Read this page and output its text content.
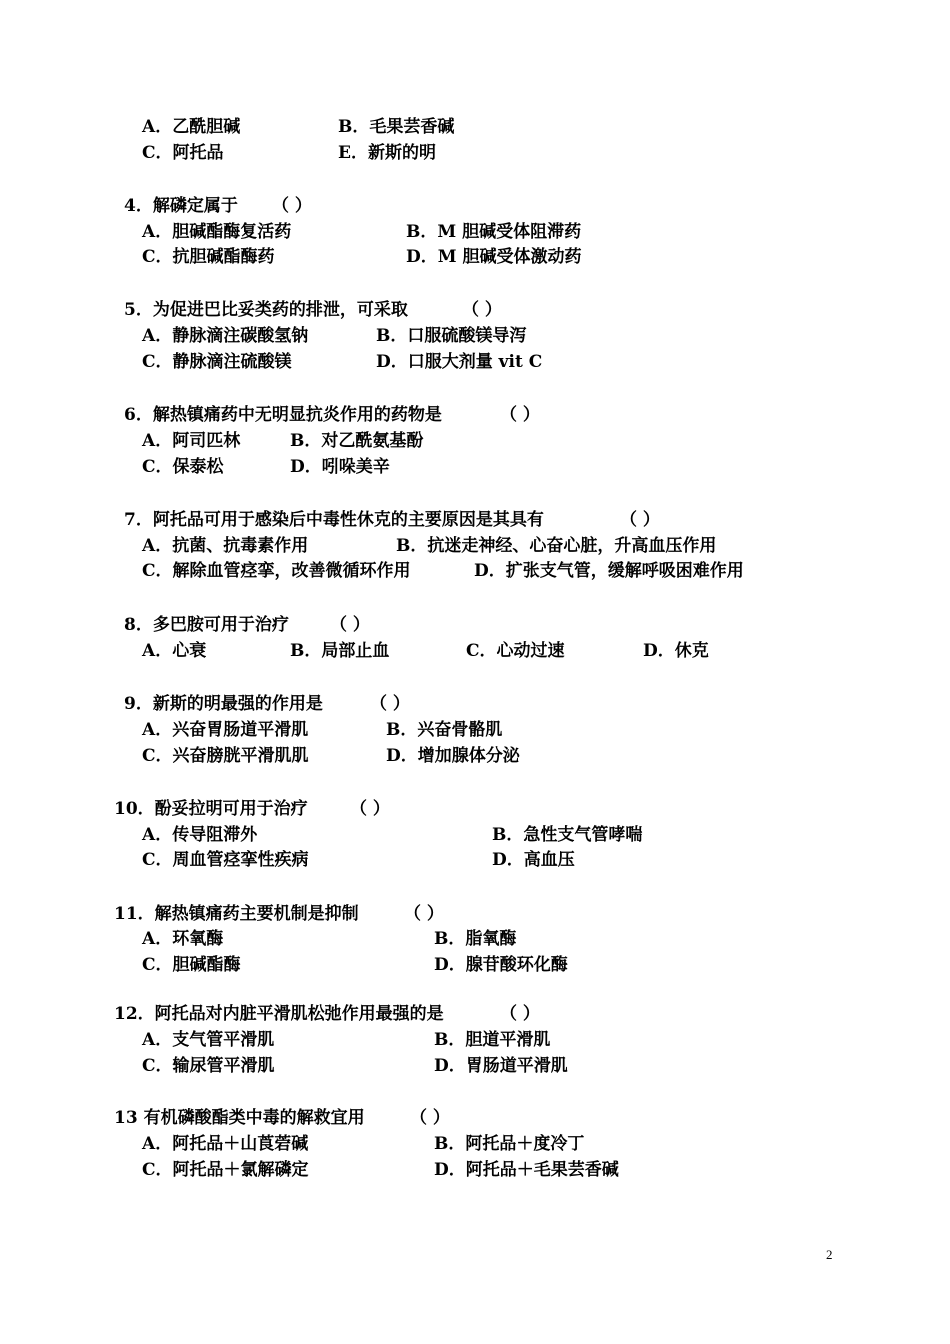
A．乙酰胆碱	B．毛果芸香碱
C．阿托品	E．新斯的明
4．解磷定属于 （ ）
A．胆碱酯酶复活药	B．M 胆碱受体阻滞药
C．抗胆碱酯酶药	D．M 胆碱受体激动药
5．为促进巴比妥类药的排泄，可采取	（ ）
A．静脉滴注碳酸氢钠	B．口服硫酸镁导泻
C．静脉滴注硫酸镁	D．口服大剂量 vit C
6．解热镇痛药中无明显抗炎作用的药物是	（ ）
A．阿司匹林	B．对乙酰氨基酚
C．保泰松	D．吲哚美辛
7．阿托品可用于感染后中毒性休克的主要原因是其具有	（ ）
A．抗菌、抗毒素作用	B．抗迷走神经、心奋心脏，升高血压作用
C．解除血管痉挛，改善微循环作用	D．扩张支气管，缓解呼吸困难作用
8．多巴胺可用于治疗 （ ）
A．心衰	B．局部止血	C．心动过速	D．休克
9．新斯的明最强的作用是	（ ）
A．兴奋胃肠道平滑肌	B．兴奋骨骼肌
C．兴奋膀胱平滑肌肌	D．增加腺体分泌
10．酚妥拉明可用于治疗 （ ）
A．传导阻滞外	B．急性支气管哮喘
C．周血管痉挛性疾病	D．高血压
11．解热镇痛药主要机制是抑制	（ ）
A．环氧酶	B．脂氧酶
C．胆碱酯酶	D．腺苷酸环化酶
12．阿托品对内脏平滑肌松弛作用最强的是	（ ）
A．支气管平滑肌	B．胆道平滑肌
C．输尿管平滑肌	D．胃肠道平滑肌
13 有机磷酸酯类中毒的解救宜用	（ ）
A．阿托品＋山莨菪碱	B．阿托品＋度冷丁
C．阿托品＋氯解磷定	D．阿托品＋毛果芸香碱
2
